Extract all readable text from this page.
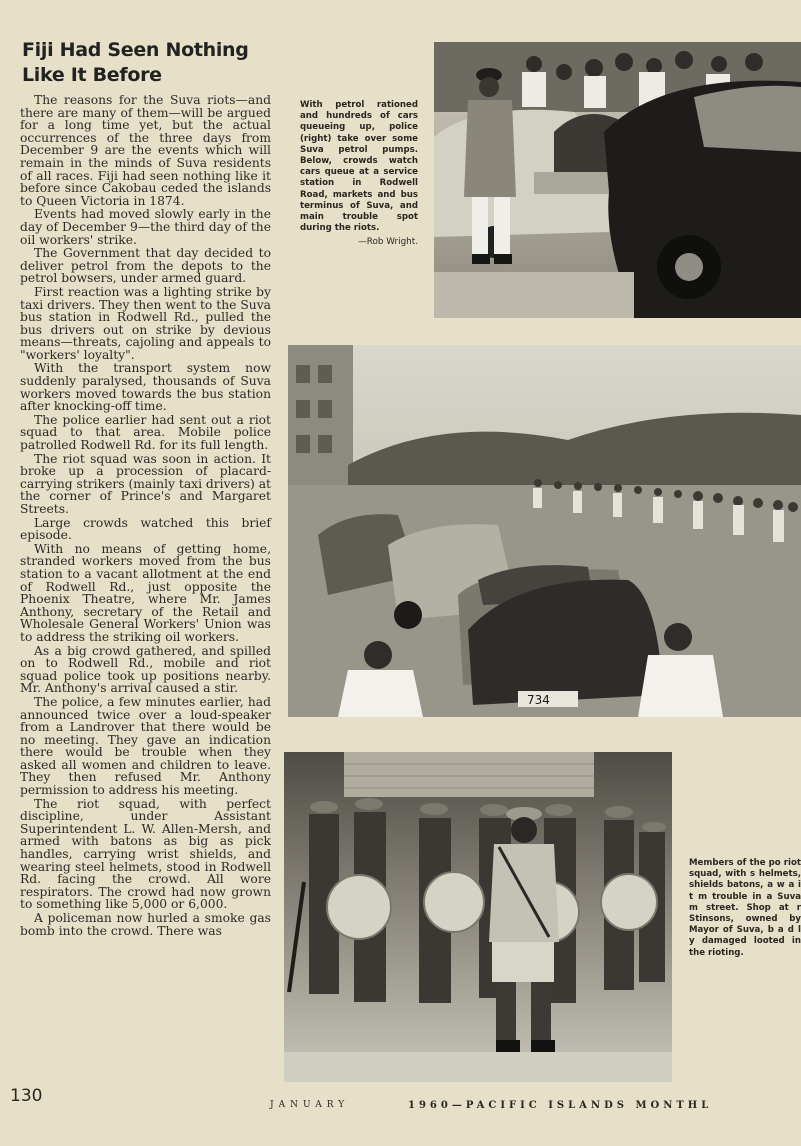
Fiji Had Seen Nothing Like It Before

The reasons for the Suva riots—and there are many of them—will be argued for a long time yet, but the actual occurrences of the three days from December 9 are the events which will remain in the minds of Suva residents of all races. Fiji had seen nothing like it before since Cakobau ceded the islands to Queen Victoria in 1874.

Events had moved slowly early in the day of December 9—the third day of the oil workers' strike.

The Government that day decided to deliver petrol from the depots to the petrol bowsers, under armed guard.

First reaction was a lighting strike by taxi drivers. They then went to the Suva bus station in Rodwell Rd., pulled the bus drivers out on strike by devious means—threats, cajoling and appeals to "workers' loyalty".

With the transport system now suddenly paralysed, thousands of Suva workers moved towards the bus station after knocking-off time.

The police earlier had sent out a riot squad to that area. Mobile police patrolled Rodwell Rd. for its full length.

The riot squad was soon in action. It broke up a procession of placard-carrying strikers (mainly taxi drivers) at the corner of Prince's and Margaret Streets.

Large crowds watched this brief episode.

With no means of getting home, stranded workers moved from the bus station to a vacant allotment at the end of Rodwell Rd., just opposite the Phoenix Theatre, where Mr. James Anthony, secretary of the Retail and Wholesale General Workers' Union was to address the striking oil workers.

As a big crowd gathered, and spilled on to Rodwell Rd., mobile and riot squad police took up positions nearby. Mr. Anthony's arrival caused a stir.

The police, a few minutes earlier, had announced twice over a loud-speaker from a Landrover that there would be no meeting. They gave an indication there would be trouble when they asked all women and children to leave. They then refused Mr. Anthony permission to address his meeting.

The riot squad, with perfect discipline, under Assistant Superintendent L. W. Allen-Mersh, and armed with batons as big as pick handles, carrying wrist shields, and wearing steel helmets, stood in Rodwell Rd. facing the crowd. All wore respirators. The crowd had now grown to something like 5,000 or 6,000.

A policeman now hurled a smoke gas bomb into the crowd. There was

With petrol rationed and hundreds of cars queueing up, police (right) take over some Suva petrol pumps. Below, crowds watch cars queue at a service station in Rodwell Road, markets and bus terminus of Suva, and main trouble spot during the riots.
—Rob Wright.
734
Members of the po riot squad, with s helmets, shields batons, a w a i t m trouble in a Suva m street. Shop at r Stinsons, owned by Mayor of Suva, b a d l y damaged looted in the rioting.
130	JANUARY	1960—PACIFIC ISLANDS MONTHL
